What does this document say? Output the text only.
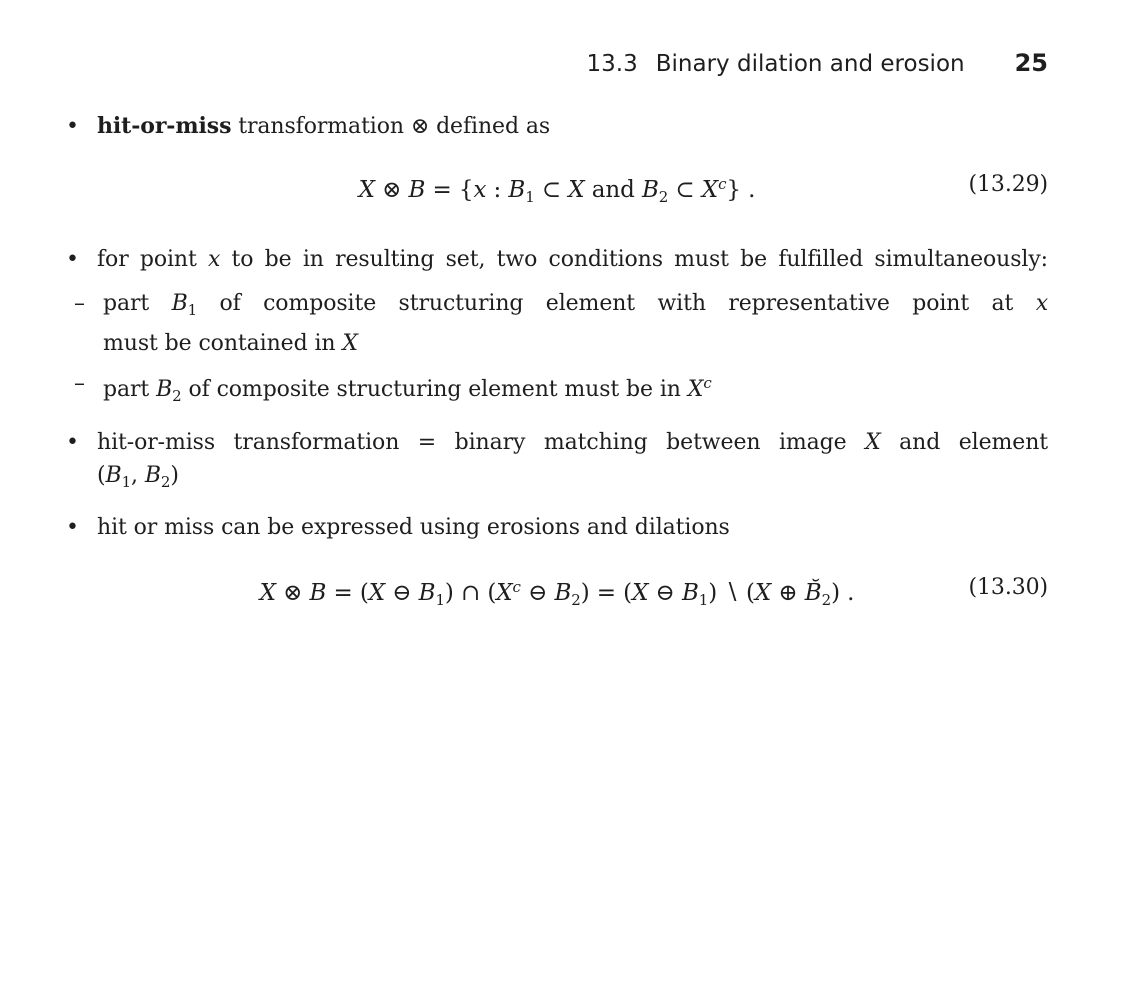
13.3 Binary dilation and erosion 25
• hit-or-miss transformation ⊗ defined as
X ⊗ B = {x : $B_1$ ⊂ X and $B_2$ ⊂ $X^c$} .	(13.29)
• for point x to be in resulting set, two conditions must be fulfilled simultaneously:
– part $B_1$ of composite structuring element with representative point at x
must be contained in X
– part $B_2$ of composite structuring element must be in $X^c$
• hit-or-miss transformation = binary matching between image X and element
($B_1$, $B_2$)
• hit or miss can be expressed using erosions and dilations
X ⊗ B = (X ⊖ $B_1$) ∩ ($X^c$ ⊖ $B_2) = (X$ ⊖ $B_1$) ∖ (X ⊕ $B̆_2$) .	(13.30)
